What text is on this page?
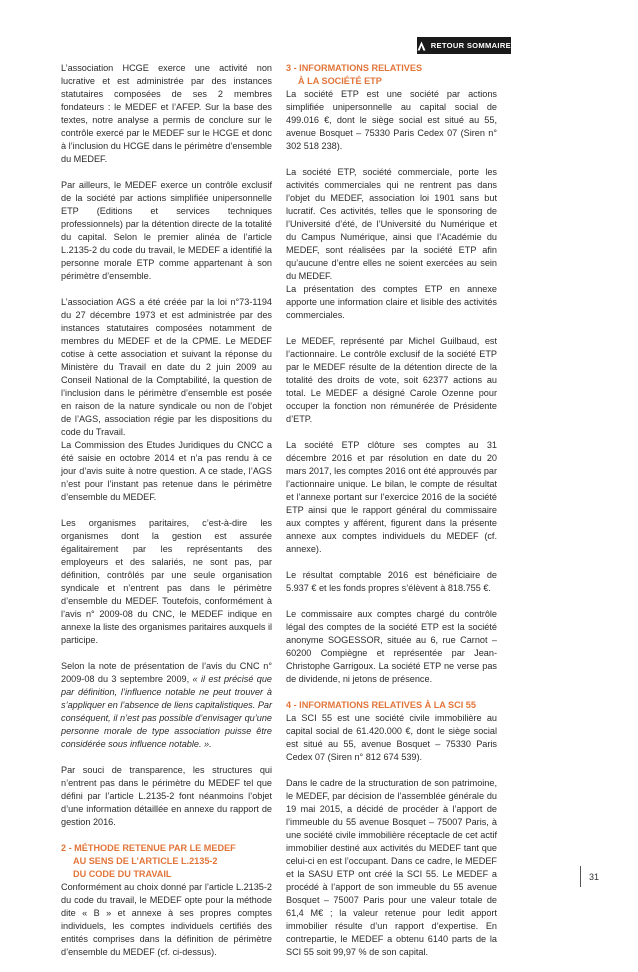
RETOUR SOMMAIRE

L’association HCGE exerce une activité non lucrative et est administrée par des instances statutaires composées de ses 2 membres fondateurs : le MEDEF et l’AFEP. Sur la base des textes, notre analyse a permis de conclure sur le contrôle exercé par le MEDEF sur le HCGE et donc à l’inclusion du HCGE dans le périmètre d’ensemble du MEDEF.

Par ailleurs, le MEDEF exerce un contrôle exclusif de la société par actions simplifiée unipersonnelle ETP (Editions et services techniques professionnels) par la détention directe de la totalité du capital. Selon le premier alinéa de l’article L.2135-2 du code du travail, le MEDEF a identifié la personne morale ETP comme appartenant à son périmètre d’ensemble.

L’association AGS a été créée par la loi n°73-1194 du 27 décembre 1973 et est administrée par des instances statutaires composées notamment de membres du MEDEF et de la CPME. Le MEDEF cotise à cette association et suivant la réponse du Ministère du Travail en date du 2 juin 2009 au Conseil National de la Comptabilité, la question de l’inclusion dans le périmètre d’ensemble est posée en raison de la nature syndicale ou non de l’objet de l’AGS, association régie par les dispositions du code du Travail.

La Commission des Etudes Juridiques du CNCC a été saisie en octobre 2014 et n’a pas rendu à ce jour d’avis suite à notre question. A ce stade, l’AGS n’est pour l’instant pas retenue dans le périmètre d’ensemble du MEDEF.

Les organismes paritaires, c’est-à-dire les organismes dont la gestion est assurée égalitairement par les représentants des employeurs et des salariés, ne sont pas, par définition, contrôlés par une seule organisation syndicale et n’entrent pas dans le périmètre d’ensemble du MEDEF. Toutefois, conformément à l’avis n° 2009-08 du CNC, le MEDEF indique en annexe la liste des organismes paritaires auxquels il participe.

Selon la note de présentation de l’avis du CNC n° 2009-08 du 3 septembre 2009, « il est précisé que par définition, l’influence notable ne peut trouver à s’appliquer en l’absence de liens capitalistiques. Par conséquent, il n’est pas possible d’envisager qu’une personne morale de type association puisse être considérée sous influence notable. ».

Par souci de transparence, les structures qui n’entrent pas dans le périmètre du MEDEF tel que défini par l’article L.2135-2 font néanmoins l’objet d’une information détaillée en annexe du rapport de gestion 2016.

2 - MÉTHODE RETENUE PAR LE MEDEF
AU SENS DE L’ARTICLE L.2135-2
DU CODE DU TRAVAIL

Conformément au choix donné par l’article L.2135-2 du code du travail, le MEDEF opte pour la méthode dite « B » et annexe à ses propres comptes individuels, les comptes individuels certifiés des entités comprises dans la définition de périmètre d’ensemble du MEDEF (cf. ci-dessus).

3 - INFORMATIONS RELATIVES
À LA SOCIÉTÉ ETP

La société ETP est une société par actions simplifiée unipersonnelle au capital social de 499.016 €, dont le siège social est situé au 55, avenue Bosquet – 75330 Paris Cedex 07 (Siren n° 302 518 238).

La société ETP, société commerciale, porte les activités commerciales qui ne rentrent pas dans l’objet du MEDEF, association loi 1901 sans but lucratif. Ces activités, telles que le sponsoring de l’Université d’été, de l’Université du Numérique et du Campus Numérique, ainsi que l’Académie du MEDEF, sont réalisées par la société ETP afin qu’aucune d’entre elles ne soient exercées au sein du MEDEF.

La présentation des comptes ETP en annexe apporte une information claire et lisible des activités commerciales.

Le MEDEF, représenté par Michel Guilbaud, est l’actionnaire. Le contrôle exclusif de la société ETP par le MEDEF résulte de la détention directe de la totalité des droits de vote, soit 62377 actions au total. Le MEDEF a désigné Carole Ozenne pour occuper la fonction non rémunérée de Présidente d’ETP.

La société ETP clôture ses comptes au 31 décembre 2016 et par résolution en date du 20 mars 2017, les comptes 2016 ont été approuvés par l’actionnaire unique. Le bilan, le compte de résultat et l’annexe portant sur l’exercice 2016 de la société ETP ainsi que le rapport général du commissaire aux comptes y afférent, figurent dans la présente annexe aux comptes individuels du MEDEF (cf. annexe).

Le résultat comptable 2016 est bénéficiaire de 5.937 € et les fonds propres s’élèvent à 818.755 €.

Le commissaire aux comptes chargé du contrôle légal des comptes de la société ETP est la société anonyme SOGESSOR, située au 6, rue Carnot – 60200 Compiègne et représentée par Jean-Christophe Garrigoux. La société ETP ne verse pas de dividende, ni jetons de présence.

4 - INFORMATIONS RELATIVES À LA SCI 55

La SCI 55 est une société civile immobilière au capital social de 61.420.000 €, dont le siège social est situé au 55, avenue Bosquet – 75330 Paris Cedex 07 (Siren n° 812 674 539).

Dans le cadre de la structuration de son patrimoine, le MEDEF, par décision de l’assemblée générale du 19 mai 2015, a décidé de procéder à l’apport de l’immeuble du 55 avenue Bosquet – 75007 Paris, à une société civile immobilière réceptacle de cet actif immobilier destiné aux activités du MEDEF tant que celui-ci en est l’occupant. Dans ce cadre, le MEDEF et la SASU ETP ont créé la SCI 55. Le MEDEF a procédé à l’apport de son immeuble du 55 avenue Bosquet – 75007 Paris pour une valeur totale de 61,4 M€ ; la valeur retenue pour ledit apport immobilier résulte d’un rapport d’expertise. En contrepartie, le MEDEF a obtenu 6140 parts de la SCI 55 soit 99,97 % de son capital.

31
